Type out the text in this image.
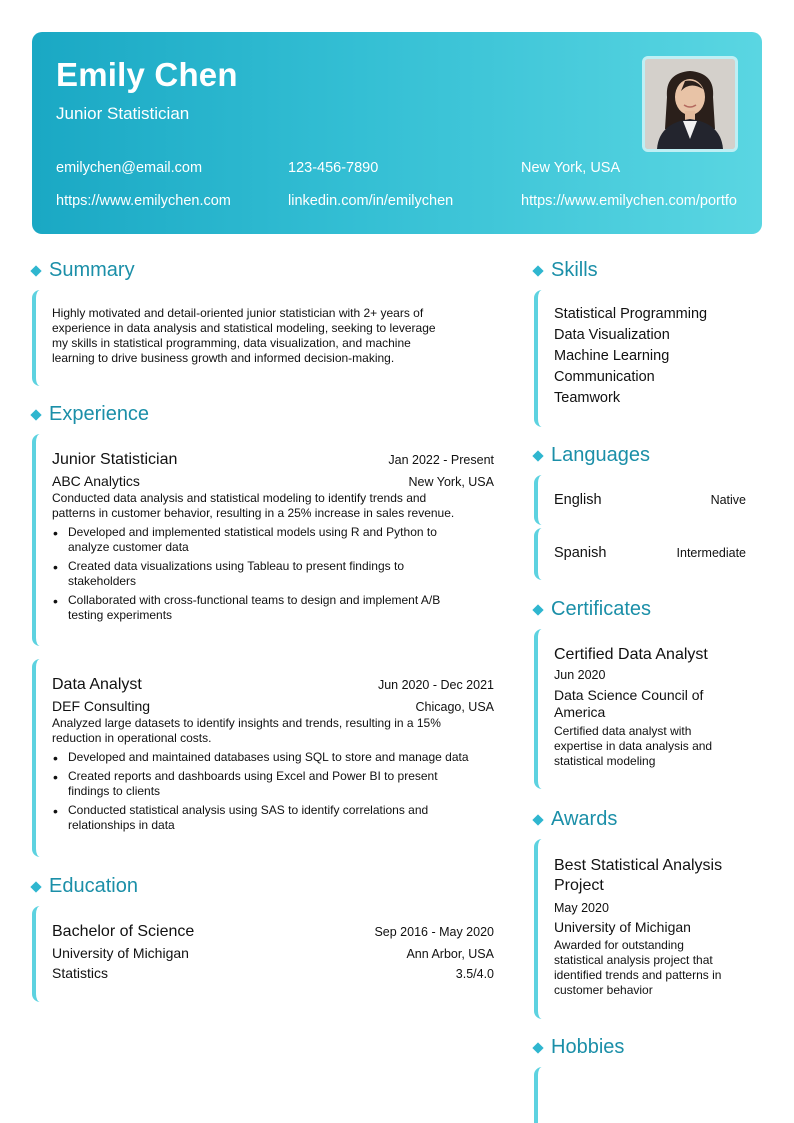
Emily Chen
Junior Statistician
emilychen@email.com	123-456-7890	New York, USA
https://www.emilychen.com	linkedin.com/in/emilychen	https://www.emilychen.com/portfo
Summary
Highly motivated and detail-oriented junior statistician with 2+ years of
experience in data analysis and statistical modeling, seeking to leverage
my skills in statistical programming, data visualization, and machine
learning to drive business growth and informed decision-making.
Experience
Junior Statistician	Jan 2022 - Present
ABC Analytics	New York, USA
Conducted data analysis and statistical modeling to identify trends and
patterns in customer behavior, resulting in a 25% increase in sales revenue.
• Developed and implemented statistical models using R and Python to
analyze customer data
• Created data visualizations using Tableau to present findings to
stakeholders
• Collaborated with cross-functional teams to design and implement A/B
testing experiments
Data Analyst	Jun 2020 - Dec 2021
DEF Consulting	Chicago, USA
Analyzed large datasets to identify insights and trends, resulting in a 15%
reduction in operational costs.
• Developed and maintained databases using SQL to store and manage data
• Created reports and dashboards using Excel and Power BI to present
findings to clients
• Conducted statistical analysis using SAS to identify correlations and
relationships in data
Education
Bachelor of Science	Sep 2016 - May 2020
University of Michigan	Ann Arbor, USA
Statistics	3.5/4.0
Skills
Statistical Programming
Data Visualization
Machine Learning
Communication
Teamwork
Languages
English	Native
Spanish	Intermediate
Certificates
Certified Data Analyst
Jun 2020
Data Science Council of
America
Certified data analyst with
expertise in data analysis and
statistical modeling
Awards
Best Statistical Analysis
Project
May 2020
University of Michigan
Awarded for outstanding
statistical analysis project that
identified trends and patterns in
customer behavior
Hobbies
